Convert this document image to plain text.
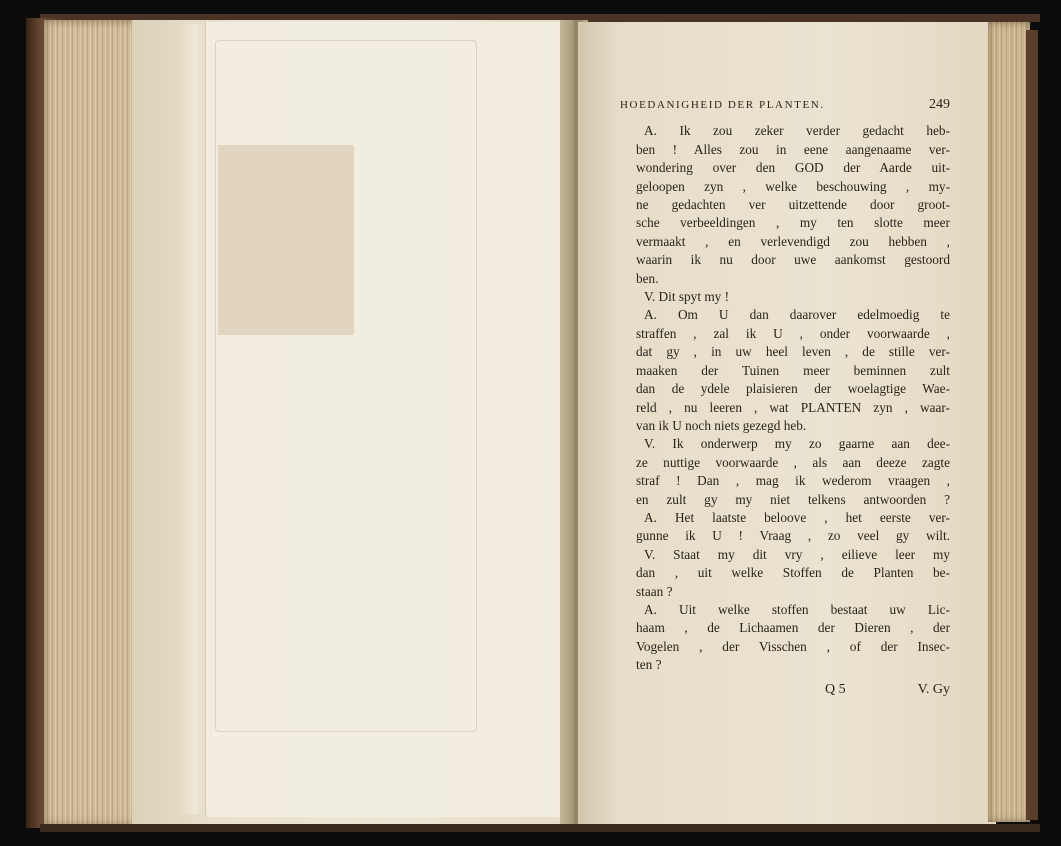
HOEDANIGHEID DER PLANTEN.	249
A. Ik zou zeker verder gedacht heb-
ben ! Alles zou in eene aangenaame ver-
wondering over den GOD der Aarde uit-
geloopen zyn , welke beschouwing , my-
ne gedachten ver uitzettende door groot-
sche verbeeldingen , my ten slotte meer
vermaakt , en verlevendigd zou hebben ,
waarin ik nu door uwe aankomst gestoord
ben.
V. Dit spyt my !
A. Om U dan daarover edelmoedig te
straffen , zal ik U , onder voorwaarde ,
dat gy , in uw heel leven , de stille ver-
maaken der Tuinen meer beminnen zult
dan de ydele plaisieren der woelagtige Wae-
reld , nu leeren , wat PLANTEN zyn , waar-
van ik U noch niets gezegd heb.
V. Ik onderwerp my zo gaarne aan dee-
ze nuttige voorwaarde , als aan deeze zagte
straf ! Dan , mag ik wederom vraagen ,
en zult gy my niet telkens antwoorden ?
A. Het laatste beloove , het eerste ver-
gunne ik U ! Vraag , zo veel gy wilt.
V. Staat my dit vry , eilieve leer my
dan , uit welke Stoffen de Planten be-
staan ?
A. Uit welke stoffen bestaat uw Lic-
haam , de Lichaamen der Dieren , der
Vogelen , der Visschen , of der Insec-
ten ?
Q 5	V. Gy
